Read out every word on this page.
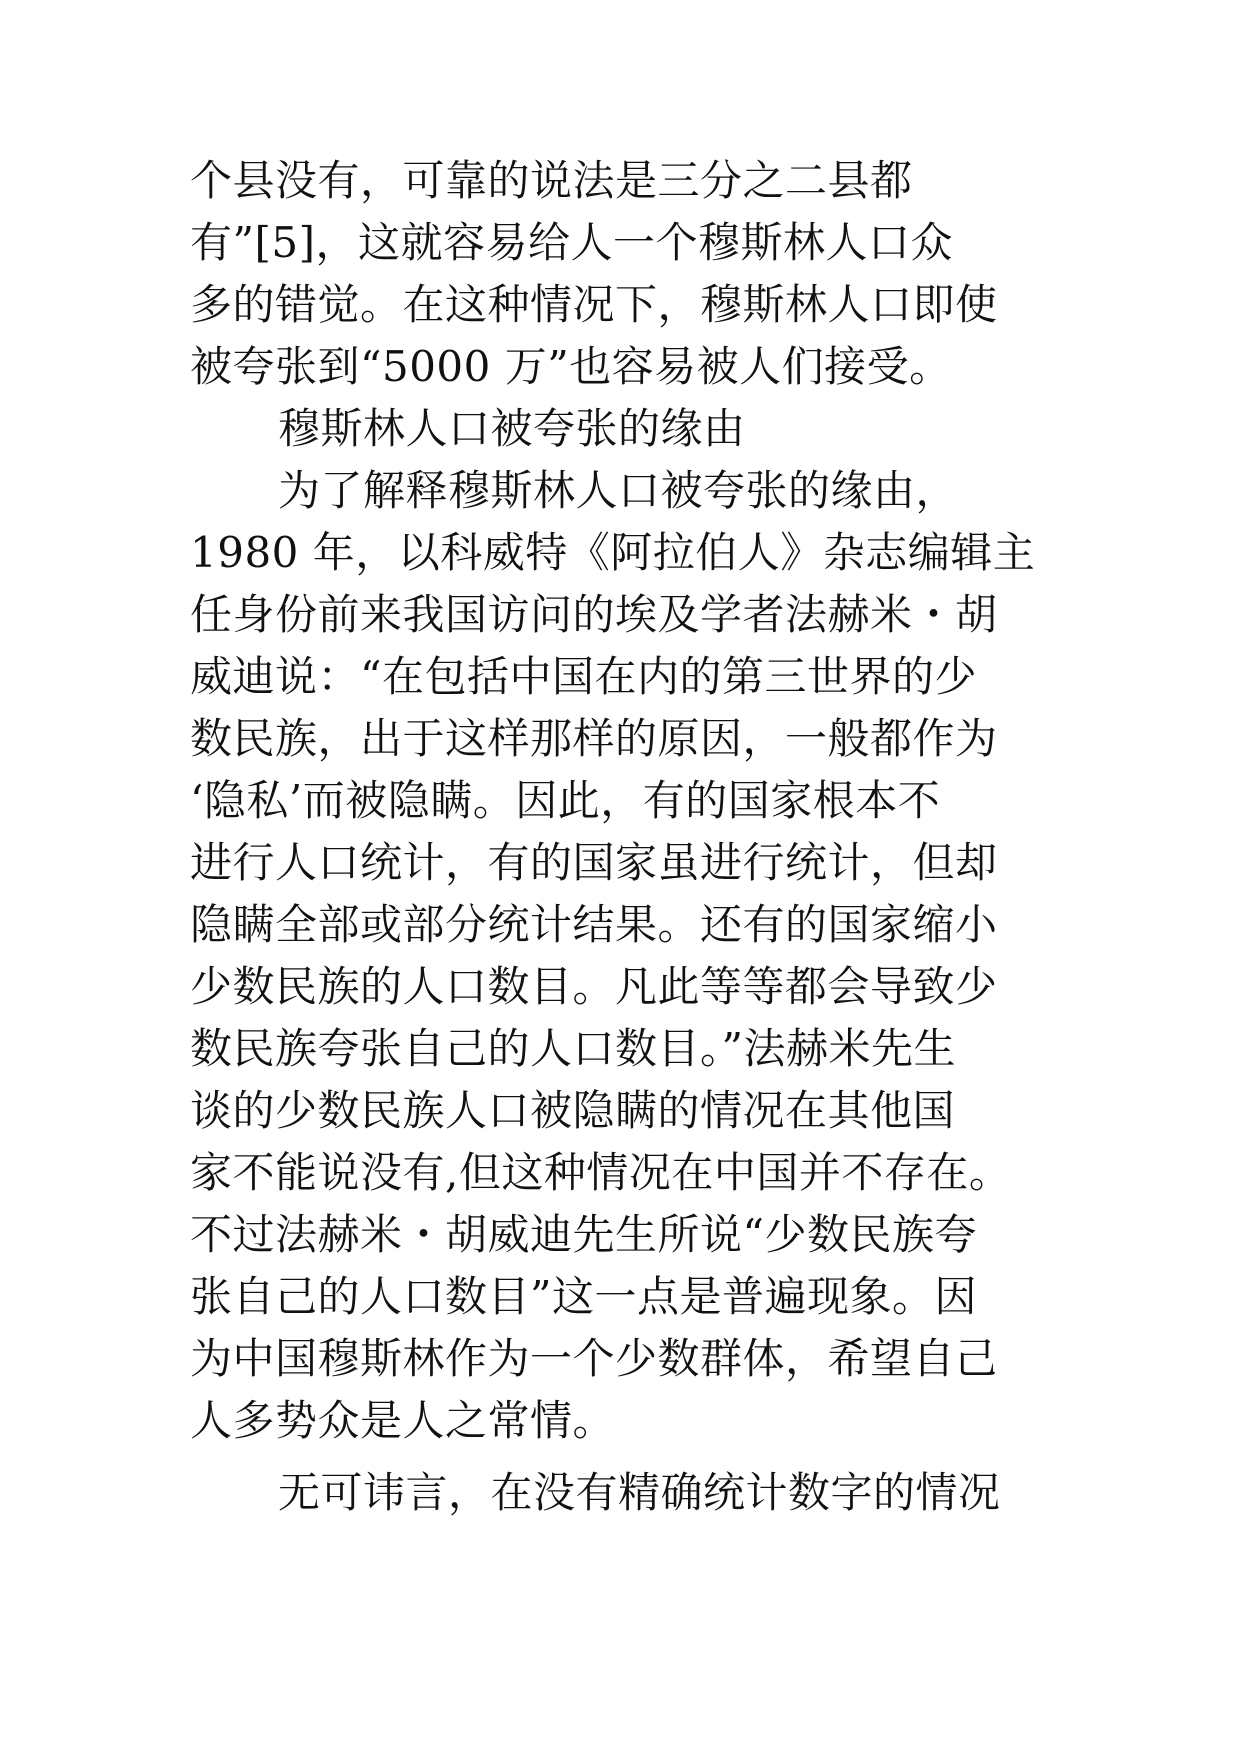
个县没有，可靠的说法是三分之二县都
有”[5]，这就容易给人一个穆斯林人口众
多的错觉。在这种情况下，穆斯林人口即使
被夸张到“5000 万”也容易被人们接受。
穆斯林人口被夸张的缘由
为了解释穆斯林人口被夸张的缘由，
1980 年，以科威特《阿拉伯人》杂志编辑主
任身份前来我国访问的埃及学者法赫米・胡
威迪说：“在包括中国在内的第三世界的少
数民族，出于这样那样的原因，一般都作为
‘隐私’而被隐瞒。因此，有的国家根本不
进行人口统计，有的国家虽进行统计，但却
隐瞒全部或部分统计结果。还有的国家缩小
少数民族的人口数目。凡此等等都会导致少
数民族夸张自己的人口数目。”法赫米先生
谈的少数民族人口被隐瞒的情况在其他国
家不能说没有,但这种情况在中国并不存在。
不过法赫米・胡威迪先生所说“少数民族夸
张自己的人口数目”这一点是普遍现象。因
为中国穆斯林作为一个少数群体，希望自己
人多势众是人之常情。
无可讳言，在没有精确统计数字的情况
